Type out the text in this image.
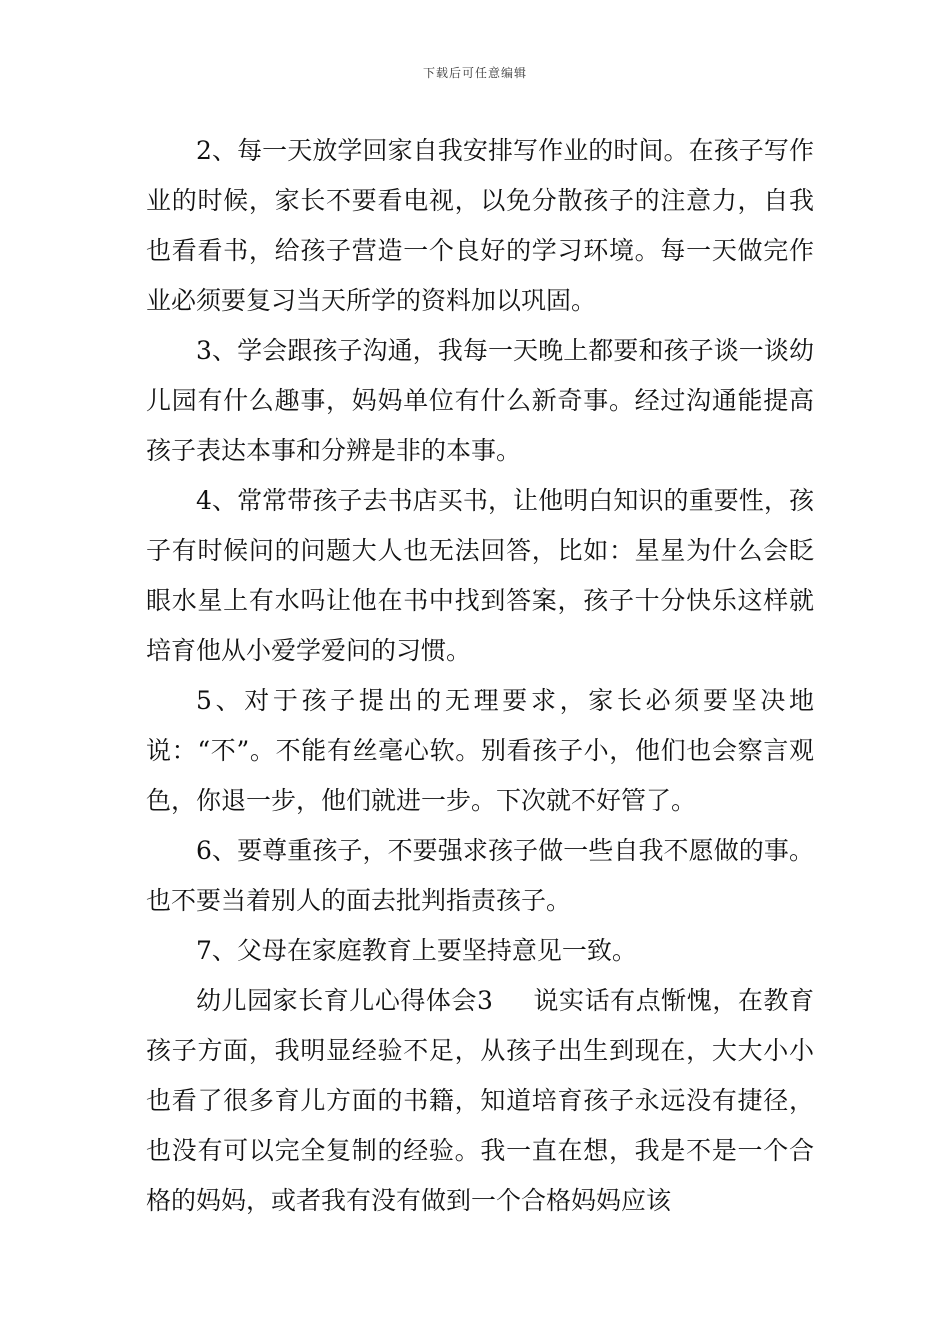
下载后可任意编辑

2、每一天放学回家自我安排写作业的时间。在孩子写作业的时候，家长不要看电视，以免分散孩子的注意力，自我也看看书，给孩子营造一个良好的学习环境。每一天做完作业必须要复习当天所学的资料加以巩固。

3、学会跟孩子沟通，我每一天晚上都要和孩子谈一谈幼儿园有什么趣事，妈妈单位有什么新奇事。经过沟通能提高孩子表达本事和分辨是非的本事。

4、常常带孩子去书店买书，让他明白知识的重要性，孩子有时候问的问题大人也无法回答，比如：星星为什么会眨眼水星上有水吗让他在书中找到答案，孩子十分快乐这样就培育他从小爱学爱问的习惯。

5、对于孩子提出的无理要求，家长必须要坚决地说：“不”。不能有丝毫心软。别看孩子小，他们也会察言观色，你退一步，他们就进一步。下次就不好管了。

6、要尊重孩子，不要强求孩子做一些自我不愿做的事。也不要当着别人的面去批判指责孩子。

7、父母在家庭教育上要坚持意见一致。

幼儿园家长育儿心得体会3 说实话有点惭愧，在教育孩子方面，我明显经验不足，从孩子出生到现在，大大小小也看了很多育儿方面的书籍，知道培育孩子永远没有捷径，也没有可以完全复制的经验。我一直在想，我是不是一个合格的妈妈，或者我有没有做到一个合格妈妈应该
